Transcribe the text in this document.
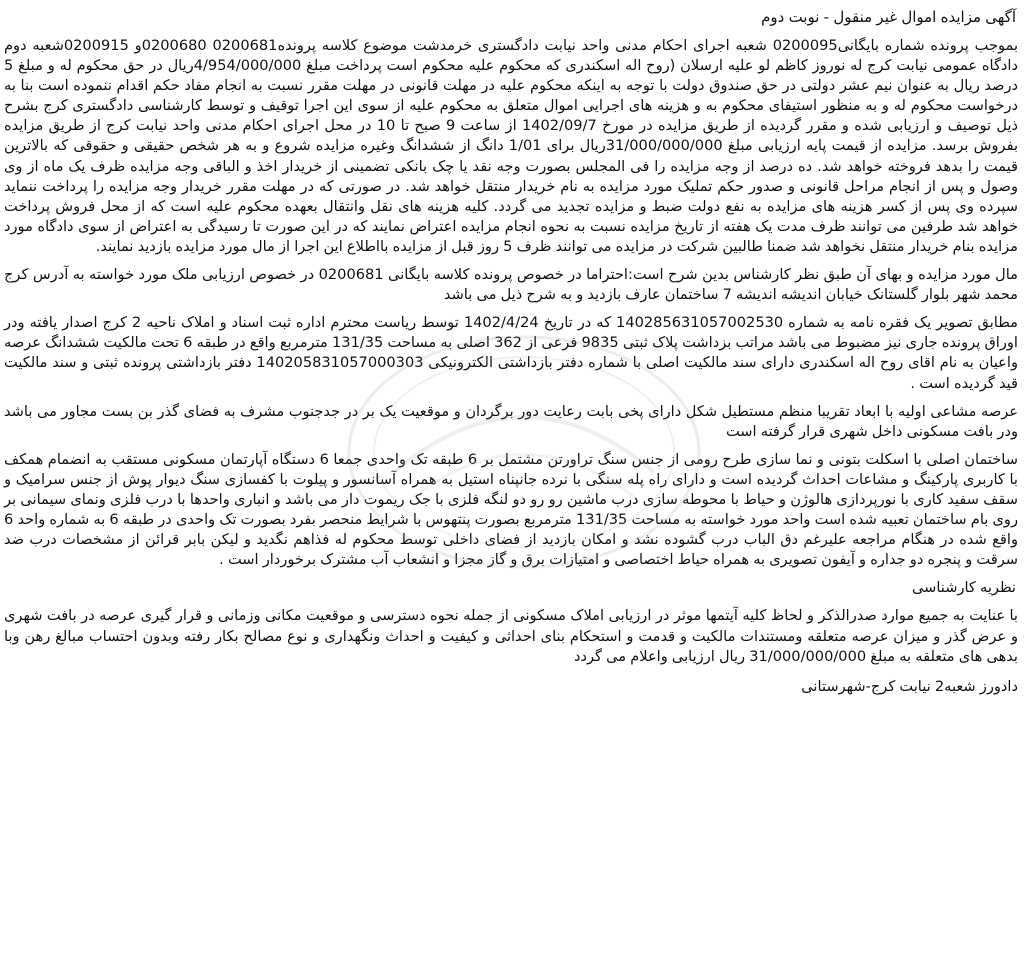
آگهی مزایده اموال غیر منقول - نوبت دوم

بموجب پرونده شماره بایگانی0200095 شعبه اجرای احکام مدنی واحد نیابت دادگستری خرمدشت موضوع کلاسه پرونده0200681 0200680و 0200915شعبه دوم دادگاه عمومی نیابت کرج له نوروز کاظم لو علیه ارسلان (روح اله اسکندری که محکوم علیه محکوم است پرداخت مبلغ 4/954/000/000ریال در حق محکوم له و مبلغ 5 درصد ریال به عنوان نیم عشر دولتی در حق صندوق دولت با توجه به اینکه محکوم علیه در مهلت قانونی در مهلت مقرر نسبت به انجام مفاد حکم اقدام ننموده است بنا به درخواست محکوم له و به منظور استیفای محکوم به و هزینه های اجرایی اموال متعلق به محکوم علیه از سوی این اجرا توقیف و توسط کارشناسی دادگستری کرج بشرح ذیل توصیف و ارزیابی شده و مقرر گردیده از طریق مزایده در مورخ 1402/09/7 از ساعت 9 صبح تا 10 در محل اجرای احکام مدنی واحد نیابت کرج از طریق مزایده بفروش برسد. مزایده از قیمت پایه ارزیابی مبلغ 31/000/000/000ریال برای 1/01 دانگ از ششدانگ وغیره مزایده شروع و به هر شخص حقیقی و حقوقی که بالاترین قیمت را بدهد فروخته خواهد شد. ده درصد از وجه مزایده را فی المجلس بصورت وجه نقد یا چک بانکی تضمینی از خریدار اخذ و الباقی وجه مزایده ظرف یک ماه از وی وصول و پس از انجام مراحل قانونی و صدور حکم تملیک مورد مزایده به نام خریدار منتقل خواهد شد. در صورتی که در مهلت مقرر خریدار وجه مزایده را پرداخت ننماید سپرده وی پس از کسر هزینه های مزایده به نفع دولت ضبط و مزایده تجدید می گردد. کلیه هزینه های نقل وانتقال بعهده محکوم علیه است که از محل فروش پرداخت خواهد شد طرفین می توانند ظرف مدت یک هفته از تاریخ مزایده نسبت به نحوه انجام مزایده اعتراض نمایند که در این صورت تا رسیدگی به اعتراض از سوی دادگاه مورد مزایده بنام خریدار منتقل نخواهد شد ضمنا طالبین شرکت در مزایده می توانند ظرف 5 روز قبل از مزایده بااطلاع این اجرا از مال مورد مزایده بازدید نمایند.

مال مورد مزایده و بهای آن طبق نظر کارشناس بدین شرح است:احتراما در خصوص پرونده کلاسه بایگانی 0200681 در خصوص ارزیابی ملک مورد خواسته به آدرس کرج محمد شهر بلوار گلستانک خیابان اندیشه اندیشه 7 ساختمان عارف بازدید و به شرح ذیل می باشد

مطابق تصویر یک فقره نامه به شماره 140285631057002530 که در تاریخ 1402/4/24 توسط ریاست محترم اداره ثبت اسناد و املاک ناحیه 2 کرج اصدار یافته ودر اوراق پرونده جاری نیز مضبوط می باشد مراتب بزداشت پلاک ثبتی 9835 فرعی از 362 اصلی به مساحت 131/35 مترمربع واقع در طبقه 6 تحت مالکیت ششدانگ عرصه واعیان به نام اقای روح اله اسکندری دارای سند مالکیت اصلی با شماره دفتر بازداشتی الکترونیکی 140205831057000303 دفتر بازداشتی پرونده ثبتی و سند مالکیت قید گردیده است .

عرصه مشاعی اولیه با ابعاد تقریبا منظم مستطیل شکل دارای پخی بابت رعایت دور برگردان و موقعیت یک بر در جدجنوب مشرف به فضای گذر بن بست مجاور می باشد ودر بافت مسکونی داخل شهری قرار گرفته است

ساختمان اصلی با اسکلت بتونی و نما سازی طرح رومی از جنس سنگ تراورتن مشتمل بر 6 طبقه تک واحدی جمعا 6 دستگاه آپارتمان مسکونی مستقب به انضمام همکف با کاربری پارکینگ و مشاعات احداث گردیده است و دارای راه پله سنگی با نرده جانپناه استیل به همراه آسانسور و پیلوت با کفسازی سنگ دیوار پوش از جنس سرامیک و سقف سفید کاری با نورپردازی هالوژن و حیاط با محوطه سازی درب ماشین رو رو دو لنگه فلزی با جک ریموت دار می باشد و انباری واحدها با درب فلزی ونمای سیمانی بر روی بام ساختمان تعبیه شده است واحد مورد خواسته به مساحت 131/35 مترمربع بصورت پنتهوس با شرایط منحصر بفرد بصورت تک واحدی در طبقه 6 به شماره واحد 6 واقع شده در هنگام مراجعه علیرغم دق الباب درب گشوده نشد و امکان بازدید از فضای داخلی توسط محکوم له فذاهم نگدید و لیکن بابر قرائن از مشخصات درب ضد سرقت و پنجره دو جداره و آیفون تصویری به همراه حیاط اختصاصی و امتیازات برق و گاز مجزا و انشعاب آب مشترک برخوردار است .

نظریه کارشناسی

با عنایت به جمیع موارد صدرالذکر و لحاظ کلیه آیتمها موثر در ارزیابی املاک مسکونی از جمله نحوه دسترسی و موقعیت مکانی وزمانی و قرار گیری عرصه در بافت شهری و عرض گذر و میزان عرصه متعلقه ومستندات مالکیت و قدمت و استحکام بنای احداثی و کیفیت و احداث ونگهداری و نوع مصالح بکار رفته وبدون احتساب مبالغ رهن وبا بدهی های متعلقه به مبلغ 31/000/000/000 ریال ارزیابی واعلام می گردد

دادورز شعبه2 نیابت کرج-شهرستانی
